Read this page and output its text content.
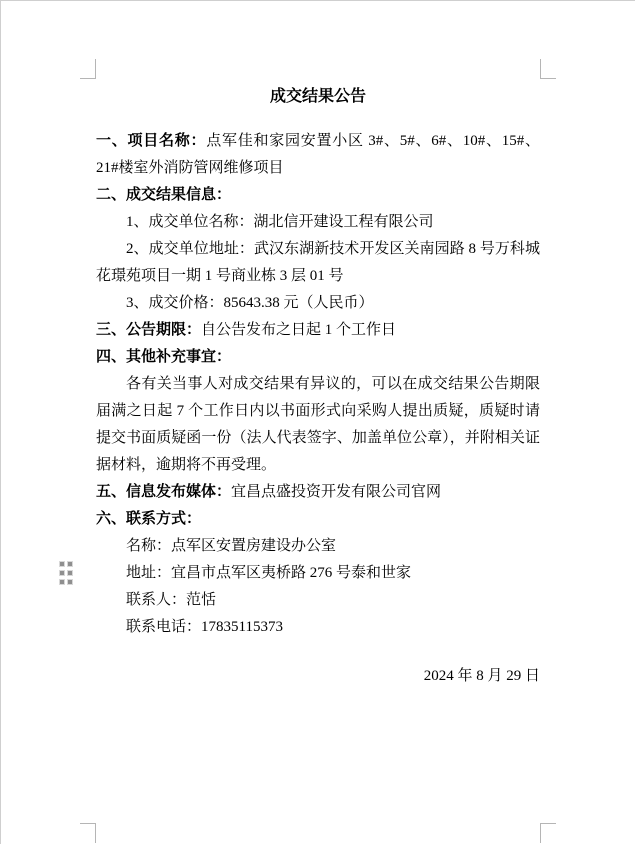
成交结果公告

一、项目名称：点军佳和家园安置小区 3#、5#、6#、10#、15#、21#楼室外消防管网维修项目

二、成交结果信息：

1、成交单位名称：湖北信开建设工程有限公司

2、成交单位地址：武汉东湖新技术开发区关南园路 8 号万科城花璟苑项目一期 1 号商业栋 3 层 01 号

3、成交价格：85643.38 元（人民币）

三、公告期限：自公告发布之日起 1 个工作日

四、其他补充事宜：

各有关当事人对成交结果有异议的，可以在成交结果公告期限届满之日起 7 个工作日内以书面形式向采购人提出质疑，质疑时请提交书面质疑函一份（法人代表签字、加盖单位公章），并附相关证据材料，逾期将不再受理。

五、信息发布媒体：宜昌点盛投资开发有限公司官网

六、联系方式：

名称：点军区安置房建设办公室

地址：宜昌市点军区夷桥路 276 号泰和世家

联系人：范恬

联系电话：17835115373

2024 年 8 月 29 日
